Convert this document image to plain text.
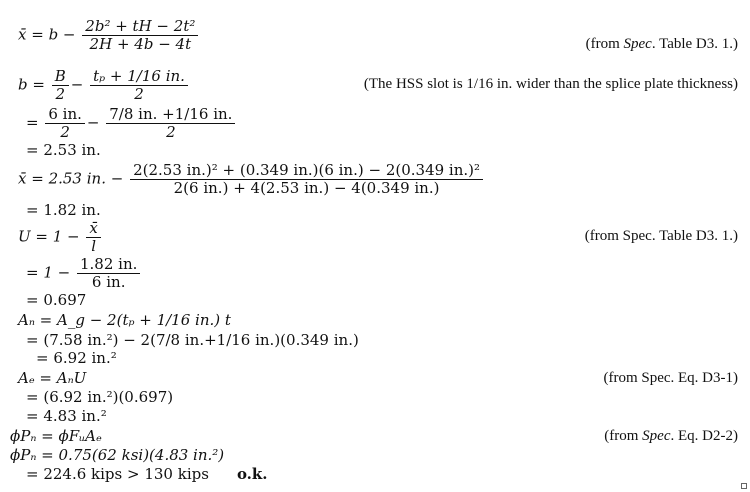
x̄ = $b - \frac{\text{2b² + tH − 2t²}}{2H + 4b - 4t}$	(from Spec. Table D3. 1.)
$b = \frac{B}{2} - \frac{\text{tₚ + 1/16 in.}}{2}$	(The HSS slot is 1/16 in. wider than the splice plate thickness)
= $\frac{6 in.}{2} - \frac{7/8 in. +1/16 in.}{2}$
= 2.53 in.
x̄ = 2.53 in. − $\frac{\text{2(2.53 in.)² + (0.349 in.)(6 in.) − 2(0.349 in.)²}}{2(6 in.) + 4(2.53 in.) - 4(0.349 in.)}$
= 1.82 in.
$U = 1 - \frac{x̄}{l}$	(from Spec. Table D3. 1.)
= $1 - \frac{1.82 in.}{6 in.}$
= 0.697
Aₙ = A_g − 2(tₚ + 1/16 in.) t
= (7.58 in.²) − 2(7/8 in.+1/16 in.)(0.349 in.)
= 6.92 in.²
Aₑ = AₙU	(from Spec. Eq. D3-1)
= (6.92 in.²)(0.697)
= 4.83 in.²
ϕPₙ = ϕFᵤAₑ	(from Spec. Eq. D2-2)
ϕPₙ = 0.75(62 ksi)(4.83 in.²)
= 224.6 kips > 130 kips o.k.
